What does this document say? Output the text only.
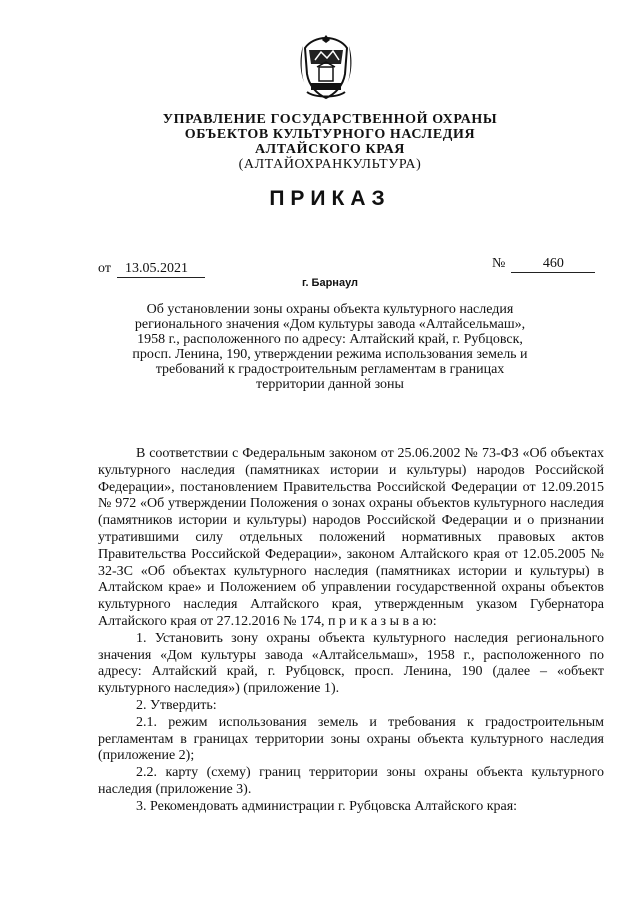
УПРАВЛЕНИЕ ГОСУДАРСТВЕННОЙ ОХРАНЫ
ОБЪЕКТОВ КУЛЬТУРНОГО НАСЛЕДИЯ
АЛТАЙСКОГО КРАЯ
(АЛТАЙОХРАНКУЛЬТУРА)
ПРИКАЗ
от 13.05.2021	№	460
г. Барнаул
Об установлении зоны охраны объекта культурного наследия регионального значения «Дом культуры завода «Алтайсельмаш», 1958 г., расположенного по адресу: Алтайский край, г. Рубцовск, просп. Ленина, 190, утверждении режима использования земель и требований к градостроительным регламентам в границах территории данной зоны

В соответствии с Федеральным законом от 25.06.2002 № 73-ФЗ «Об объектах культурного наследия (памятниках истории и культуры) народов Российской Федерации», постановлением Правительства Российской Федерации от 12.09.2015 № 972 «Об утверждении Положения о зонах охраны объектов культурного наследия (памятников истории и культуры) народов Российской Федерации и о признании утратившими силу отдельных положений нормативных правовых актов Правительства Российской Федерации», законом Алтайского края от 12.05.2005 № 32-ЗС «Об объектах культурного наследия (памятниках истории и культуры) в Алтайском крае» и Положением об управлении государственной охраны объектов культурного наследия Алтайского края, утвержденным указом Губернатора Алтайского края от 27.12.2016 № 174, п р и к а з ы в а ю:

1. Установить зону охраны объекта культурного наследия регионального значения «Дом культуры завода «Алтайсельмаш», 1958 г., расположенного по адресу: Алтайский край, г. Рубцовск, просп. Ленина, 190 (далее – «объект культурного наследия») (приложение 1).

2. Утвердить:

2.1. режим использования земель и требования к градостроительным регламентам в границах территории зоны охраны объекта культурного наследия (приложение 2);

2.2. карту (схему) границ территории зоны охраны объекта культурного наследия (приложение 3).

3. Рекомендовать администрации г. Рубцовска Алтайского края:
